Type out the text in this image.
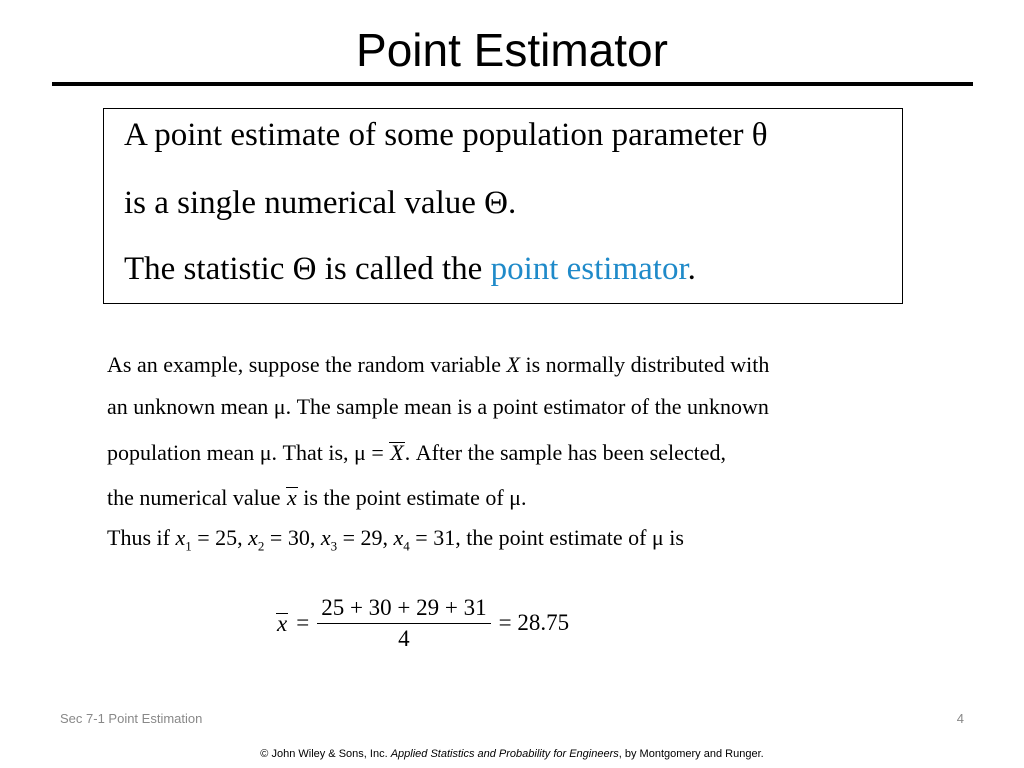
Point Estimator
A point estimate of some population parameter θ
is a single numerical value Θ.
The statistic Θ is called the point estimator.
As an example, suppose the random variable X is normally distributed with
an unknown mean μ. The sample mean is a point estimator of the unknown
population mean μ. That is, μ = X. After the sample has been selected,
the numerical value x is the point estimate of μ.
Thus if $x_1 = 25$, $x_2 = 30$, $x_3 = 29$, $x_4 = 31$, the point estimate of μ is
$x = \frac{25 + 30 + 29 + 31}{4} = 28.75$
Sec 7-1 Point Estimation	4
© John Wiley & Sons, Inc. Applied Statistics and Probability for Engineers, by Montgomery and Runger.
